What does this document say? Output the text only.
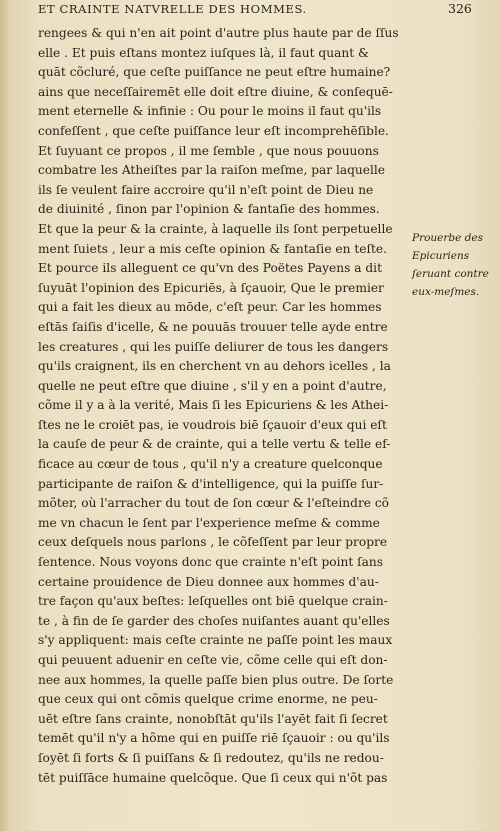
ET CRAINTE NATVRELLE DES HOMMES.	326
rengees & qui n'en ait point d'autre plus haute par de ſſus
elle . Et puis eſtans montez iuſques là, il faut quant &
quāt cõcluré, que ceſte puiſſance ne peut eſtre humaine?
ains que neceſſairemēt elle doit eſtre diuine, & conſequē-
ment eternelle & infinie : Ou pour le moins il faut qu'ils
confeſſent , que ceſte puiſſance leur eſt incomprehēſible.
Et ſuyuant ce propos , il me ſemble , que nous pouuons
combatre les Atheiſtes par la raiſon meſme, par laquelle
ils ſe veulent faire accroire qu'il n'eſt point de Dieu ne
de diuinité , ſinon par l'opinion & fantaſie des hommes.
Et que la peur & la crainte, à laquelle ils ſont perpetuelle
ment ſuiets , leur a mis ceſte opinion & fantaſie en teſte.
Et pource ils alleguent ce qu'vn des Poëtes Payens a dit
ſuyuāt l'opinion des Epicuriēs, à ſçauoir, Que le premier
qui a fait les dieux au mōde, c'eſt peur. Car les hommes
eſtās ſaiſis d'icelle, & ne pouuās trouuer telle ayde entre
les creatures , qui les puiſſe deliurer de tous les dangers
qu'ils craignent, ils en cherchent vn au dehors icelles , la
quelle ne peut eſtre que diuine , s'il y en a point d'autre,
cõme il y a à la verité, Mais ſi les Epicuriens & les Athei-
ſtes ne le croiēt pas, ie voudrois biē ſçauoir d'eux qui eſt
la cauſe de peur & de crainte, qui a telle vertu & telle ef-
ficace au cœur de tous , qu'il n'y a creature quelconque
participante de raiſon & d'intelligence, qui la puiſſe ſur-
mõter, où l'arracher du tout de ſon cœur & l'eſteindre cõ
me vn chacun le ſent par l'experience meſme & comme
ceux deſquels nous parlons , le cõfeſſent par leur propre
ſentence. Nous voyons donc que crainte n'eſt point ſans
certaine prouidence de Dieu donnee aux hommes d'au-
tre façon qu'aux beſtes: leſquelles ont biē quelque crain-
te , à fin de ſe garder des choſes nuiſantes auant qu'elles
s'y appliquent: mais ceſte crainte ne paſſe point les maux
qui peuuent aduenir en ceſte vie, cõme celle qui eſt don-
nee aux hommes, la quelle paſſe bien plus outre. De ſorte
que ceux qui ont cõmis quelque crime enorme, ne peu-
uēt eſtre ſans crainte, nonobſtāt qu'ils l'ayēt fait ſi ſecret
temēt qu'il n'y a hõme qui en puiſſe riē ſçauoir : ou qu'ils
ſoyēt ſi forts & ſi puiſſans & ſi redoutez, qu'ils ne redou-
tēt puiſſāce humaine quelcõque. Que ſi ceux qui n'õt pas
Prouerbe des
Epicuriens
ſeruant contre
eux-meſmes.
